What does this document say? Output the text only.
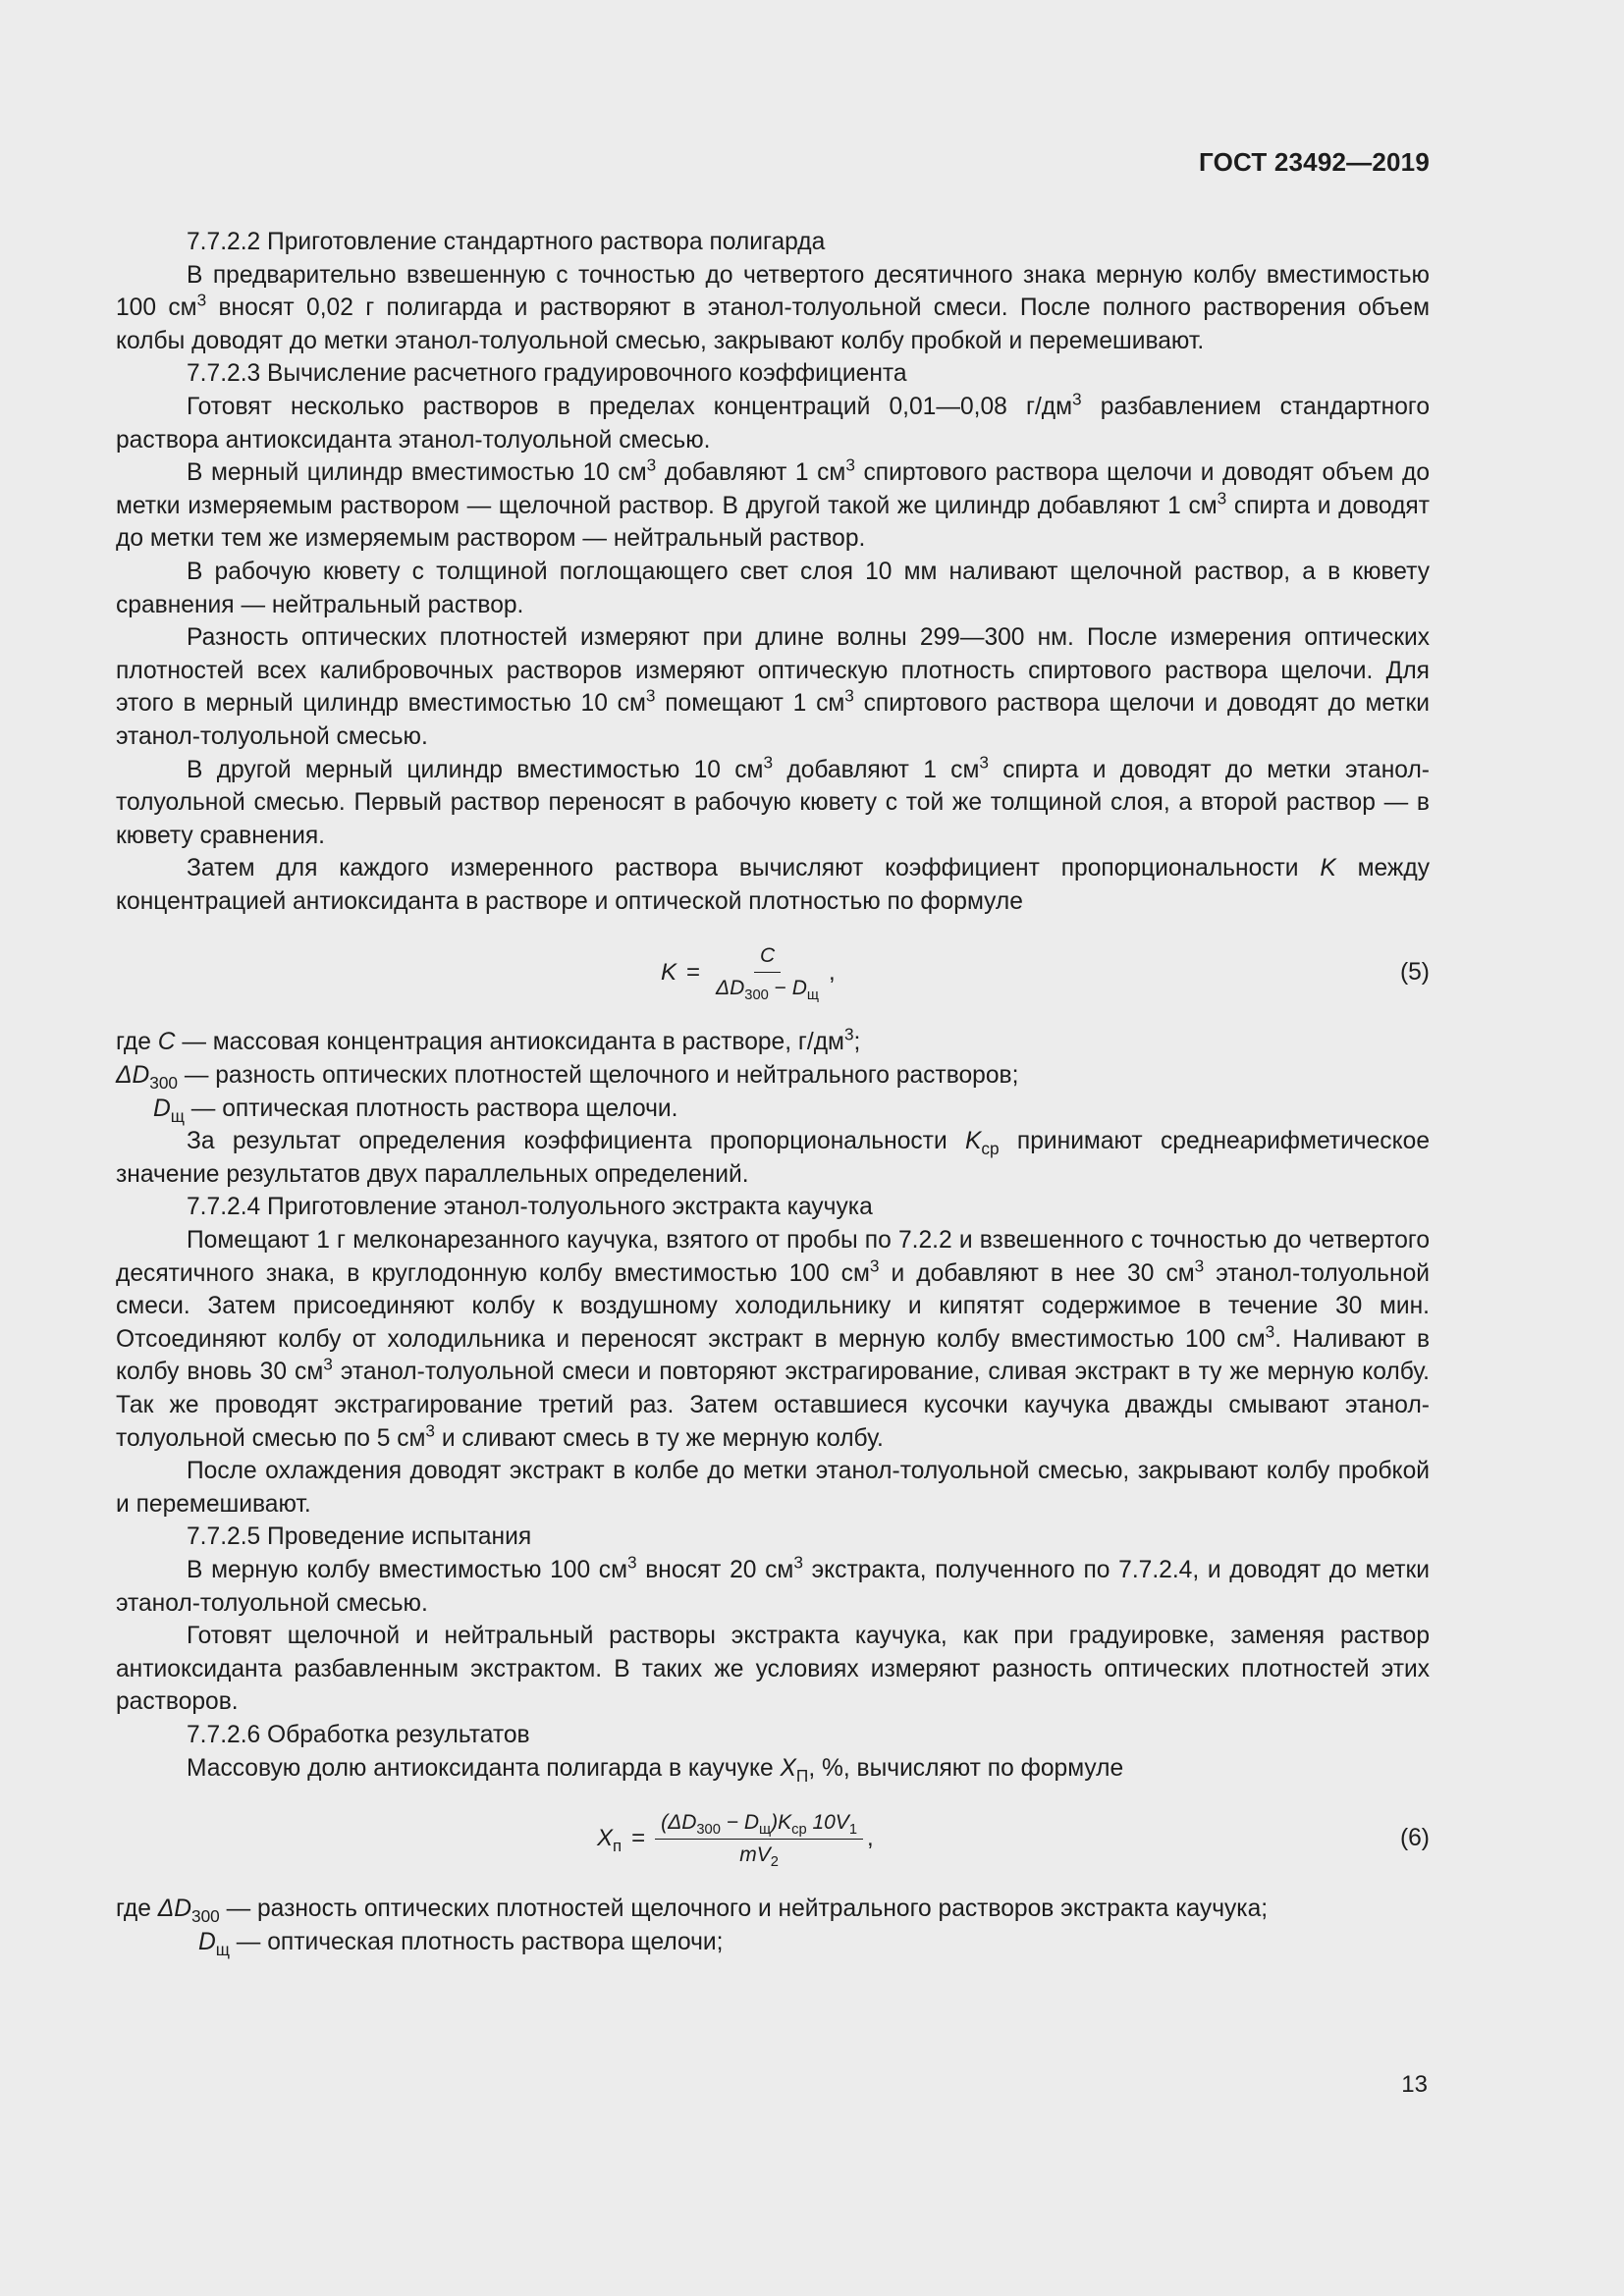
ГОСТ 23492—2019

7.7.2.2 Приготовление стандартного раствора полигарда

В предварительно взвешенную с точностью до четвертого десятичного знака мерную колбу вместимостью 100 $см^3$ вносят 0,02 г полигарда и растворяют в этанол-толуольной смеси. После полного растворения объем колбы доводят до метки этанол-толуольной смесью, закрывают колбу пробкой и перемешивают.

7.7.2.3 Вычисление расчетного градуировочного коэффициента

Готовят несколько растворов в пределах концентраций 0,01—0,08 $г/дм^3$ разбавлением стандартного раствора антиоксиданта этанол-толуольной смесью.

В мерный цилиндр вместимостью 10 $см^3$ добавляют 1 $см^3$ спиртового раствора щелочи и доводят объем до метки измеряемым раствором — щелочной раствор. В другой такой же цилиндр добавляют 1 $см^3$ спирта и доводят до метки тем же измеряемым раствором — нейтральный раствор.

В рабочую кювету с толщиной поглощающего свет слоя 10 мм наливают щелочной раствор, а в кювету сравнения — нейтральный раствор.

Разность оптических плотностей измеряют при длине волны 299—300 нм. После измерения оптических плотностей всех калибровочных растворов измеряют оптическую плотность спиртового раствора щелочи. Для этого в мерный цилиндр вместимостью 10 $см^3$ помещают 1 $см^3$ спиртового раствора щелочи и доводят до метки этанол-толуольной смесью.

В другой мерный цилиндр вместимостью 10 $см^3$ добавляют 1 $см^3$ спирта и доводят до метки этанол-толуольной смесью. Первый раствор переносят в рабочую кювету с той же толщиной слоя, а второй раствор — в кювету сравнения.

Затем для каждого измеренного раствора вычисляют коэффициент пропорциональности K между концентрацией антиоксиданта в растворе и оптической плотностью по формуле

$K = \frac{C}{\Delta D_{300} - D_щ}$ ,	(5)

где C — массовая концентрация антиоксиданта в растворе, $г/дм^3$;

$\Delta D_{300}$ — разность оптических плотностей щелочного и нейтрального растворов;

$D_щ$ — оптическая плотность раствора щелочи.

За результат определения коэффициента пропорциональности $K_{ср}$ принимают среднеарифметическое значение результатов двух параллельных определений.

7.7.2.4 Приготовление этанол-толуольного экстракта каучука

Помещают 1 г мелконарезанного каучука, взятого от пробы по 7.2.2 и взвешенного с точностью до четвертого десятичного знака, в круглодонную колбу вместимостью 100 $см^3$ и добавляют в нее 30 $см^3$ этанол-толуольной смеси. Затем присоединяют колбу к воздушному холодильнику и кипятят содержимое в течение 30 мин. Отсоединяют колбу от холодильника и переносят экстракт в мерную колбу вместимостью 100 $см^3$. Наливают в колбу вновь 30 $см^3$ этанол-толуольной смеси и повторяют экстрагирование, сливая экстракт в ту же мерную колбу. Так же проводят экстрагирование третий раз. Затем оставшиеся кусочки каучука дважды смывают этанол-толуольной смесью по 5 $см^3$ и сливают смесь в ту же мерную колбу.

После охлаждения доводят экстракт в колбе до метки этанол-толуольной смесью, закрывают колбу пробкой и перемешивают.

7.7.2.5 Проведение испытания

В мерную колбу вместимостью 100 $см^3$ вносят 20 $см^3$ экстракта, полученного по 7.7.2.4, и доводят до метки этанол-толуольной смесью.

Готовят щелочной и нейтральный растворы экстракта каучука, как при градуировке, заменяя раствор антиоксиданта разбавленным экстрактом. В таких же условиях измеряют разность оптических плотностей этих растворов.

7.7.2.6 Обработка результатов

Массовую долю антиоксиданта полигарда в каучуке $X_П$, %, вычисляют по формуле

$X_п = \frac{(\Delta D_{300} - D_щ)K_{ср} 10V_1}{mV_2}$ ,	(6)

где $\Delta D_{300}$ — разность оптических плотностей щелочного и нейтрального растворов экстракта каучука;

$D_щ$ — оптическая плотность раствора щелочи;

13
